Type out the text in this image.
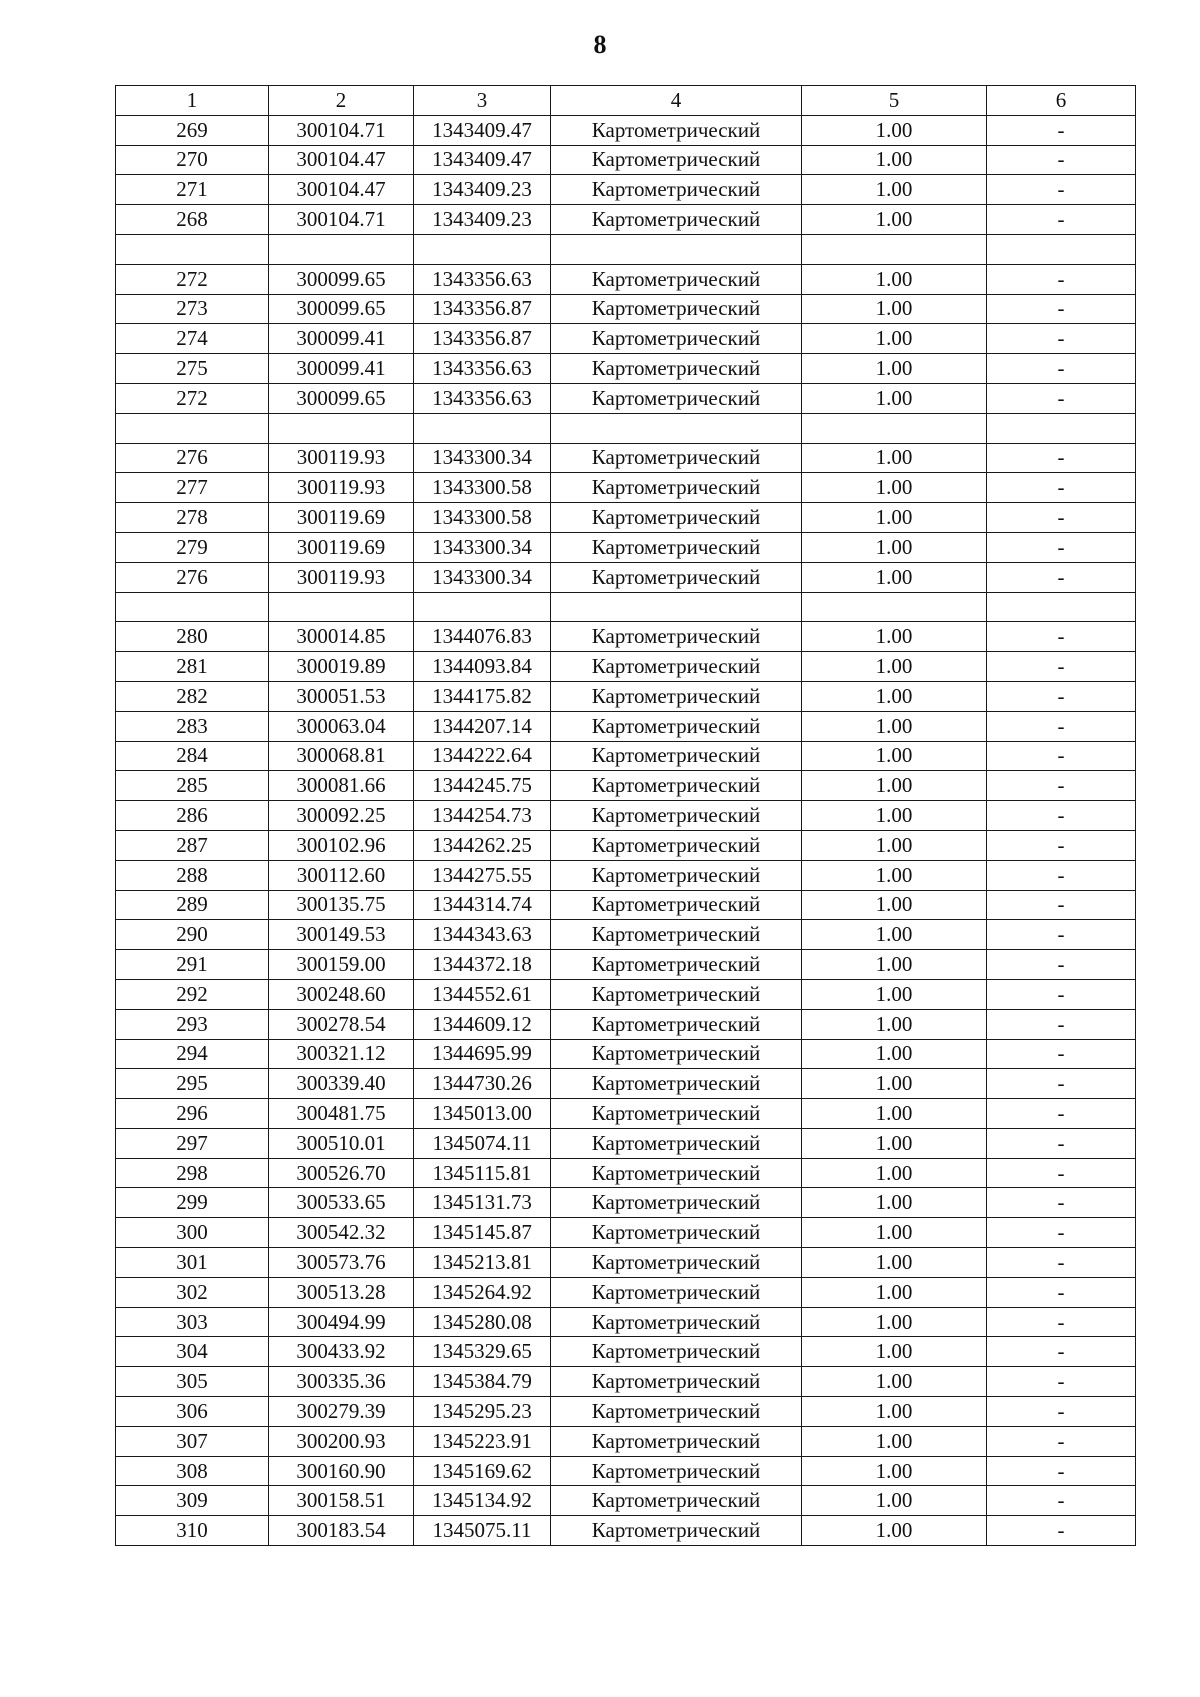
8
1	2	3	4	5	6
269	300104.71	1343409.47	Картометрический	1.00	-
270	300104.47	1343409.47	Картометрический	1.00	-
271	300104.47	1343409.23	Картометрический	1.00	-
268	300104.71	1343409.23	Картометрический	1.00	-

272	300099.65	1343356.63	Картометрический	1.00	-
273	300099.65	1343356.87	Картометрический	1.00	-
274	300099.41	1343356.87	Картометрический	1.00	-
275	300099.41	1343356.63	Картометрический	1.00	-
272	300099.65	1343356.63	Картометрический	1.00	-

276	300119.93	1343300.34	Картометрический	1.00	-
277	300119.93	1343300.58	Картометрический	1.00	-
278	300119.69	1343300.58	Картометрический	1.00	-
279	300119.69	1343300.34	Картометрический	1.00	-
276	300119.93	1343300.34	Картометрический	1.00	-

280	300014.85	1344076.83	Картометрический	1.00	-
281	300019.89	1344093.84	Картометрический	1.00	-
282	300051.53	1344175.82	Картометрический	1.00	-
283	300063.04	1344207.14	Картометрический	1.00	-
284	300068.81	1344222.64	Картометрический	1.00	-
285	300081.66	1344245.75	Картометрический	1.00	-
286	300092.25	1344254.73	Картометрический	1.00	-
287	300102.96	1344262.25	Картометрический	1.00	-
288	300112.60	1344275.55	Картометрический	1.00	-
289	300135.75	1344314.74	Картометрический	1.00	-
290	300149.53	1344343.63	Картометрический	1.00	-
291	300159.00	1344372.18	Картометрический	1.00	-
292	300248.60	1344552.61	Картометрический	1.00	-
293	300278.54	1344609.12	Картометрический	1.00	-
294	300321.12	1344695.99	Картометрический	1.00	-
295	300339.40	1344730.26	Картометрический	1.00	-
296	300481.75	1345013.00	Картометрический	1.00	-
297	300510.01	1345074.11	Картометрический	1.00	-
298	300526.70	1345115.81	Картометрический	1.00	-
299	300533.65	1345131.73	Картометрический	1.00	-
300	300542.32	1345145.87	Картометрический	1.00	-
301	300573.76	1345213.81	Картометрический	1.00	-
302	300513.28	1345264.92	Картометрический	1.00	-
303	300494.99	1345280.08	Картометрический	1.00	-
304	300433.92	1345329.65	Картометрический	1.00	-
305	300335.36	1345384.79	Картометрический	1.00	-
306	300279.39	1345295.23	Картометрический	1.00	-
307	300200.93	1345223.91	Картометрический	1.00	-
308	300160.90	1345169.62	Картометрический	1.00	-
309	300158.51	1345134.92	Картометрический	1.00	-
310	300183.54	1345075.11	Картометрический	1.00	-
